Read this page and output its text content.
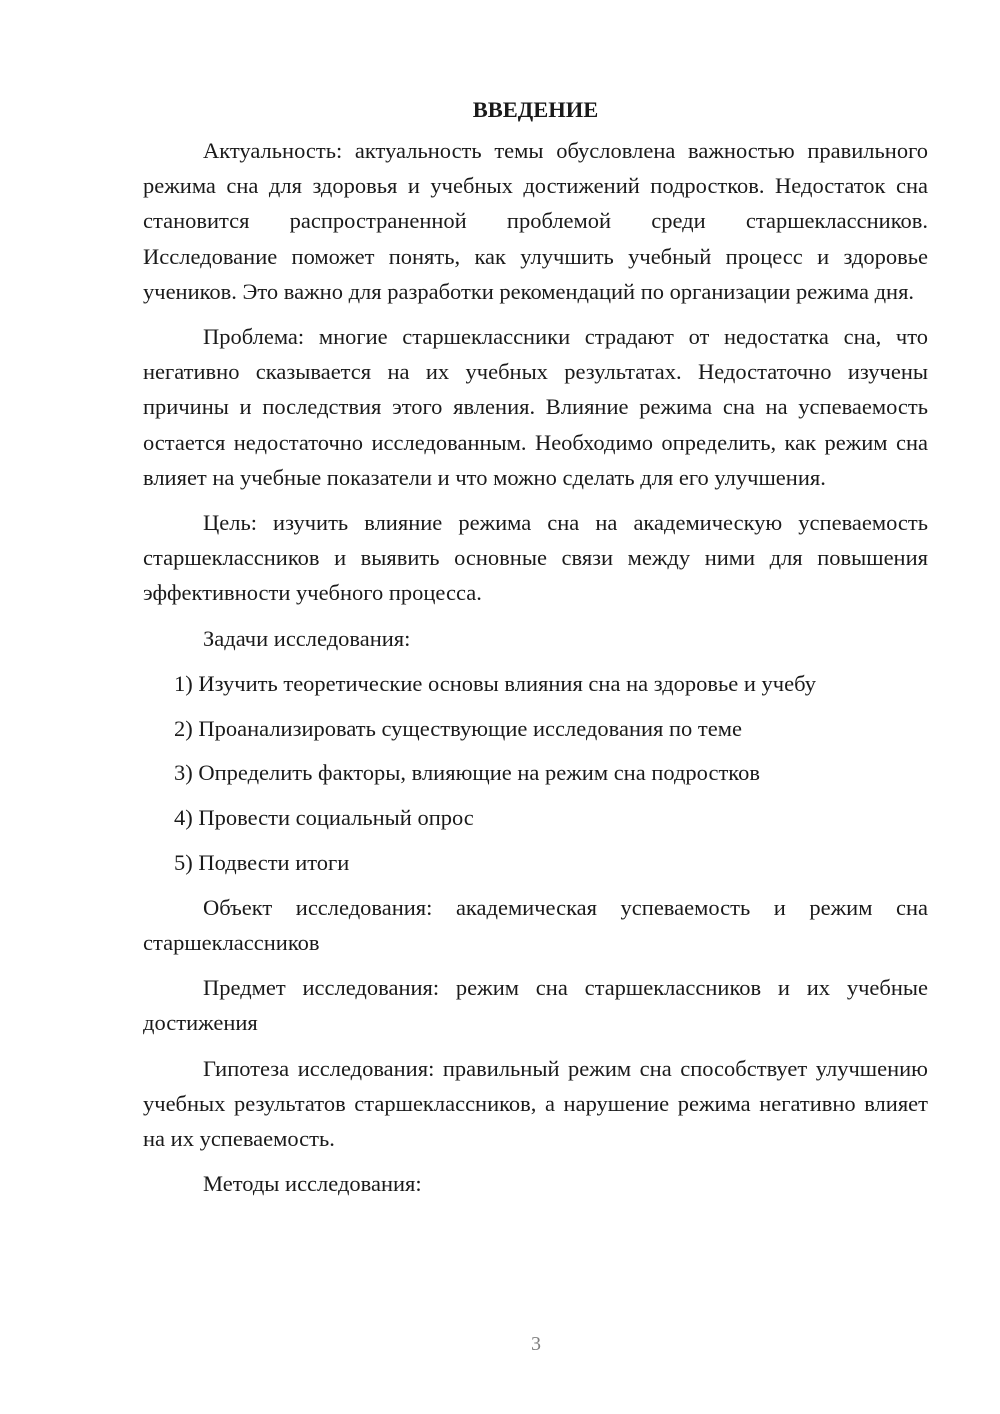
ВВЕДЕНИЕ

Актуальность: актуальность темы обусловлена важностью правильного режима сна для здоровья и учебных достижений подростков. Недостаток сна становится распространенной проблемой среди старшеклассников. Исследование поможет понять, как улучшить учебный процесс и здоровье учеников. Это важно для разработки рекомендаций по организации режима дня.

Проблема: многие старшеклассники страдают от недостатка сна, что негативно сказывается на их учебных результатах. Недостаточно изучены причины и последствия этого явления. Влияние режима сна на успеваемость остается недостаточно исследованным. Необходимо определить, как режим сна влияет на учебные показатели и что можно сделать для его улучшения.

Цель: изучить влияние режима сна на академическую успеваемость старшеклассников и выявить основные связи между ними для повышения эффективности учебного процесса.

Задачи исследования:

1) Изучить теоретические основы влияния сна на здоровье и учебу

2) Проанализировать существующие исследования по теме

3) Определить факторы, влияющие на режим сна подростков

4) Провести социальный опрос

5) Подвести итоги

Объект исследования: академическая успеваемость и режим сна старшеклассников

Предмет исследования: режим сна старшеклассников и их учебные достижения

Гипотеза исследования: правильный режим сна способствует улучшению учебных результатов старшеклассников, а нарушение режима негативно влияет на их успеваемость.

Методы исследования:

3
